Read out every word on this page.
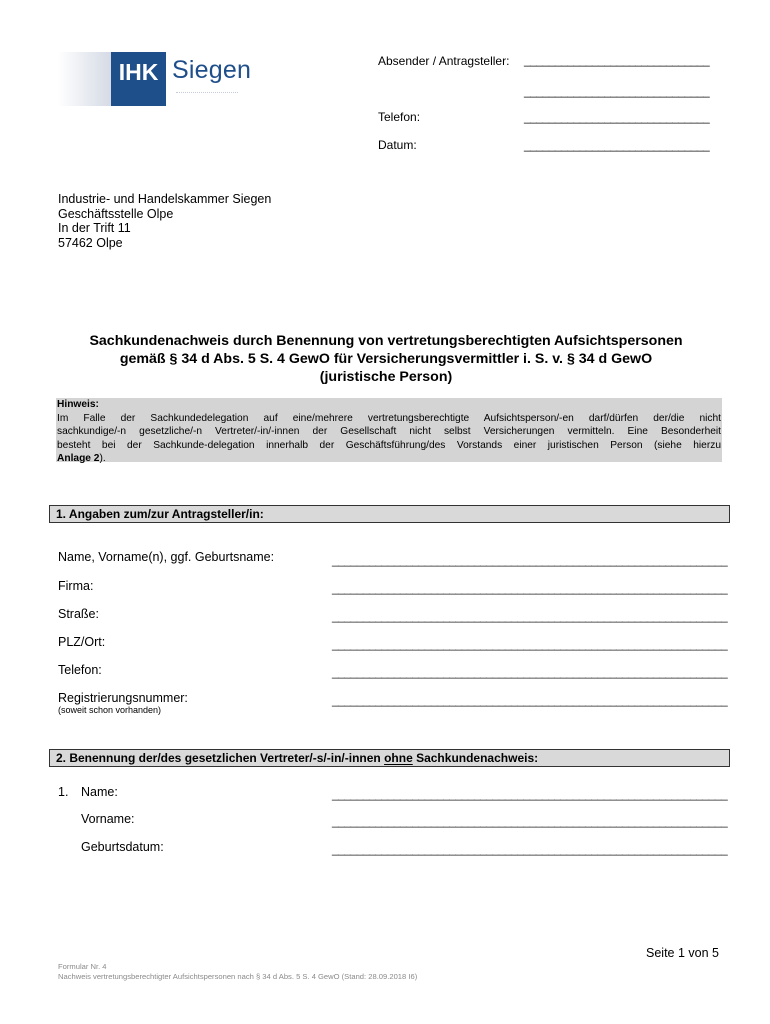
IHK Siegen	Absender / Antragsteller: ______________________________
______________________________
Telefon:	______________________________
Datum:	______________________________
Industrie- und Handelskammer Siegen
Geschäftsstelle Olpe
In der Trift 11
57462 Olpe
Sachkundenachweis durch Benennung von vertretungsberechtigten Aufsichtspersonen
gemäß § 34 d Abs. 5 S. 4 GewO für Versicherungsvermittler i. S. v. § 34 d GewO
(juristische Person)
Hinweis:
Im Falle der Sachkundedelegation auf eine/mehrere vertretungsberechtigte Aufsichtsperson/-en darf/dürfen der/die nicht
sachkundige/-n gesetzliche/-n Vertreter/-in/-innen der Gesellschaft nicht selbst Versicherungen vermitteln. Eine Besonderheit
besteht bei der Sachkunde-delegation innerhalb der Geschäftsführung/des Vorstands einer juristischen Person (siehe hierzu
Anlage 2).
1. Angaben zum/zur Antragsteller/in:
Name, Vorname(n), ggf. Geburtsname:	________________________________________________________________
Firma:	________________________________________________________________
Straße:	________________________________________________________________
PLZ/Ort:	________________________________________________________________
Telefon:	________________________________________________________________
Registrierungsnummer:
(soweit schon vorhanden)
________________________________________________________________
2. Benennung der/des gesetzlichen Vertreter/-s/-in/-innen ohne Sachkundenachweis:
1. Name:	________________________________________________________________
Vorname:	________________________________________________________________
Geburtsdatum:	________________________________________________________________
Seite 1 von 5
Formular Nr. 4
Nachweis vertretungsberechtigter Aufsichtspersonen nach § 34 d Abs. 5 S. 4 GewO (Stand: 28.09.2018 I6)
